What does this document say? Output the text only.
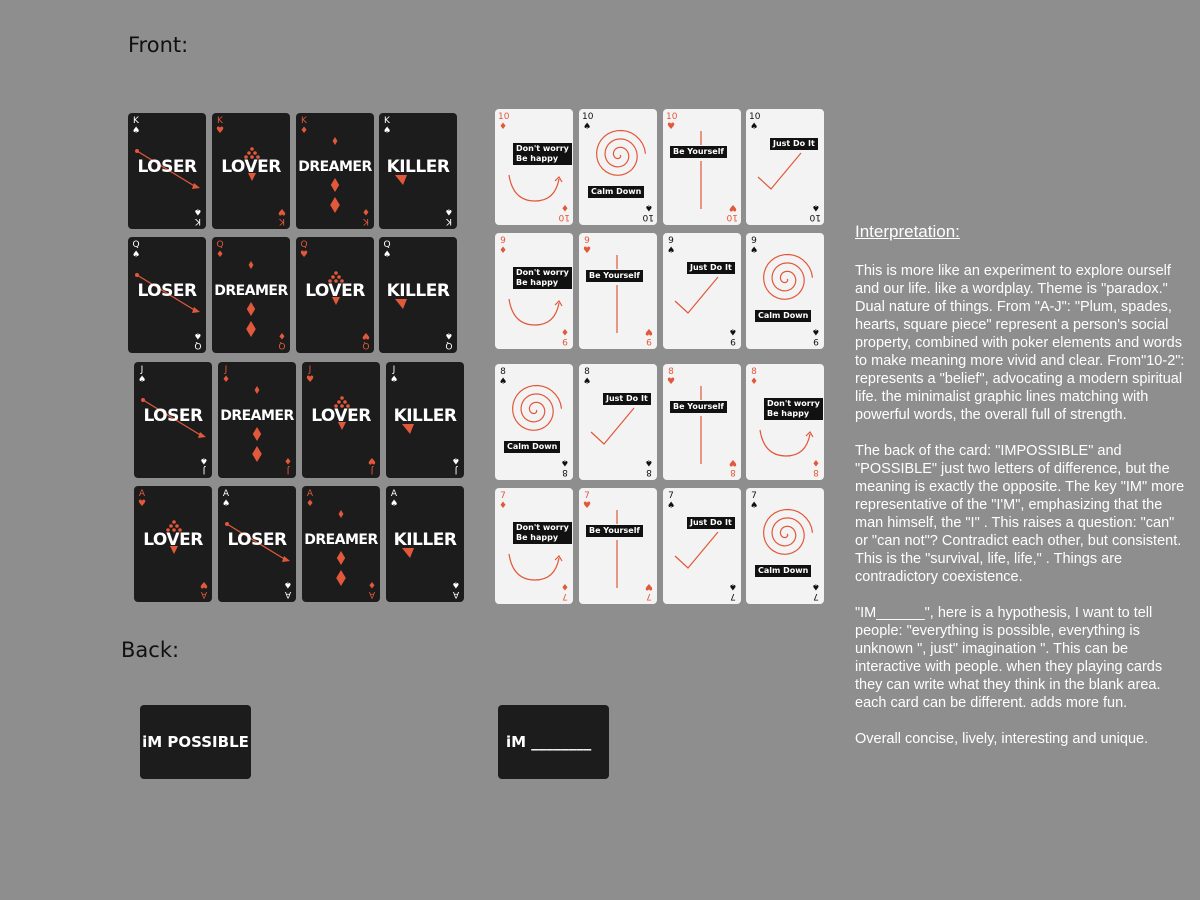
Front:
Back:
LOSER
K
♠
K
♠
LOVER
K
♥
K
♥
DREAMER
K
♦
K
♦
KILLER
K
♠
K
♠
LOSER
Q
♠
Q
♠
DREAMER
Q
♦
Q
♦
LOVER
Q
♥
Q
♥
KILLER
Q
♠
Q
♠
LOSER
J
♠
J
♠
DREAMER
J
♦
J
♦
LOVER
J
♥
J
♥
KILLER
J
♠
J
♠
LOVER
A
♥
A
♥
LOSER
A
♠
A
♠
DREAMER
A
♦
A
♦
KILLER
A
♠
A
♠
Don't worry
Be happy
10
♦
10
♦
Calm Down
10
♠
10
♠
Be Yourself
10
♥
10
♥
Just Do It
10
♠
10
♠
Don't worry
Be happy
9
♦
9
♦
Be Yourself
9
♥
9
♥
Just Do It
9
♠
9
♠
Calm Down
9
♠
9
♠
Calm Down
8
♠
8
♠
Just Do It
8
♠
8
♠
Be Yourself
8
♥
8
♥
Don't worry
Be happy
8
♦
8
♦
Don't worry
Be happy
7
♦
7
♦
Be Yourself
7
♥
7
♥
Just Do It
7
♠
7
♠
Calm Down
7
♠
7
♠
iM POSSIBLE	iM ________
Interpretation:

This is more like an experiment to explore ourself and our life. like a wordplay. Theme is "paradox." Dual nature of things. From "A-J": "Plum, spades, hearts, square piece" represent a person's social property, combined with poker elements and words to make meaning more vivid and clear. From"10-2": represents a "belief", advocating a modern spiritual life. the minimalist graphic lines matching with powerful words, the overall full of strength.

The back of the card: "IMPOSSIBLE" and "POSSIBLE" just two letters of difference, but the meaning is exactly the opposite. The key "IM" more representative of the "I'M", emphasizing that the man himself, the "I" . This raises a question: "can" or "can not"? Contradict each other, but consistent. This is the "survival, life, life," . Things are contradictory coexistence.

"IM______", here is a hypothesis, I want to tell people: "everything is possible, everything is unknown ", just" imagination ". This can be interactive with people. when they playing cards they can write what they think in the blank area. each card can be different. adds more fun.

Overall concise, lively, interesting and unique.
